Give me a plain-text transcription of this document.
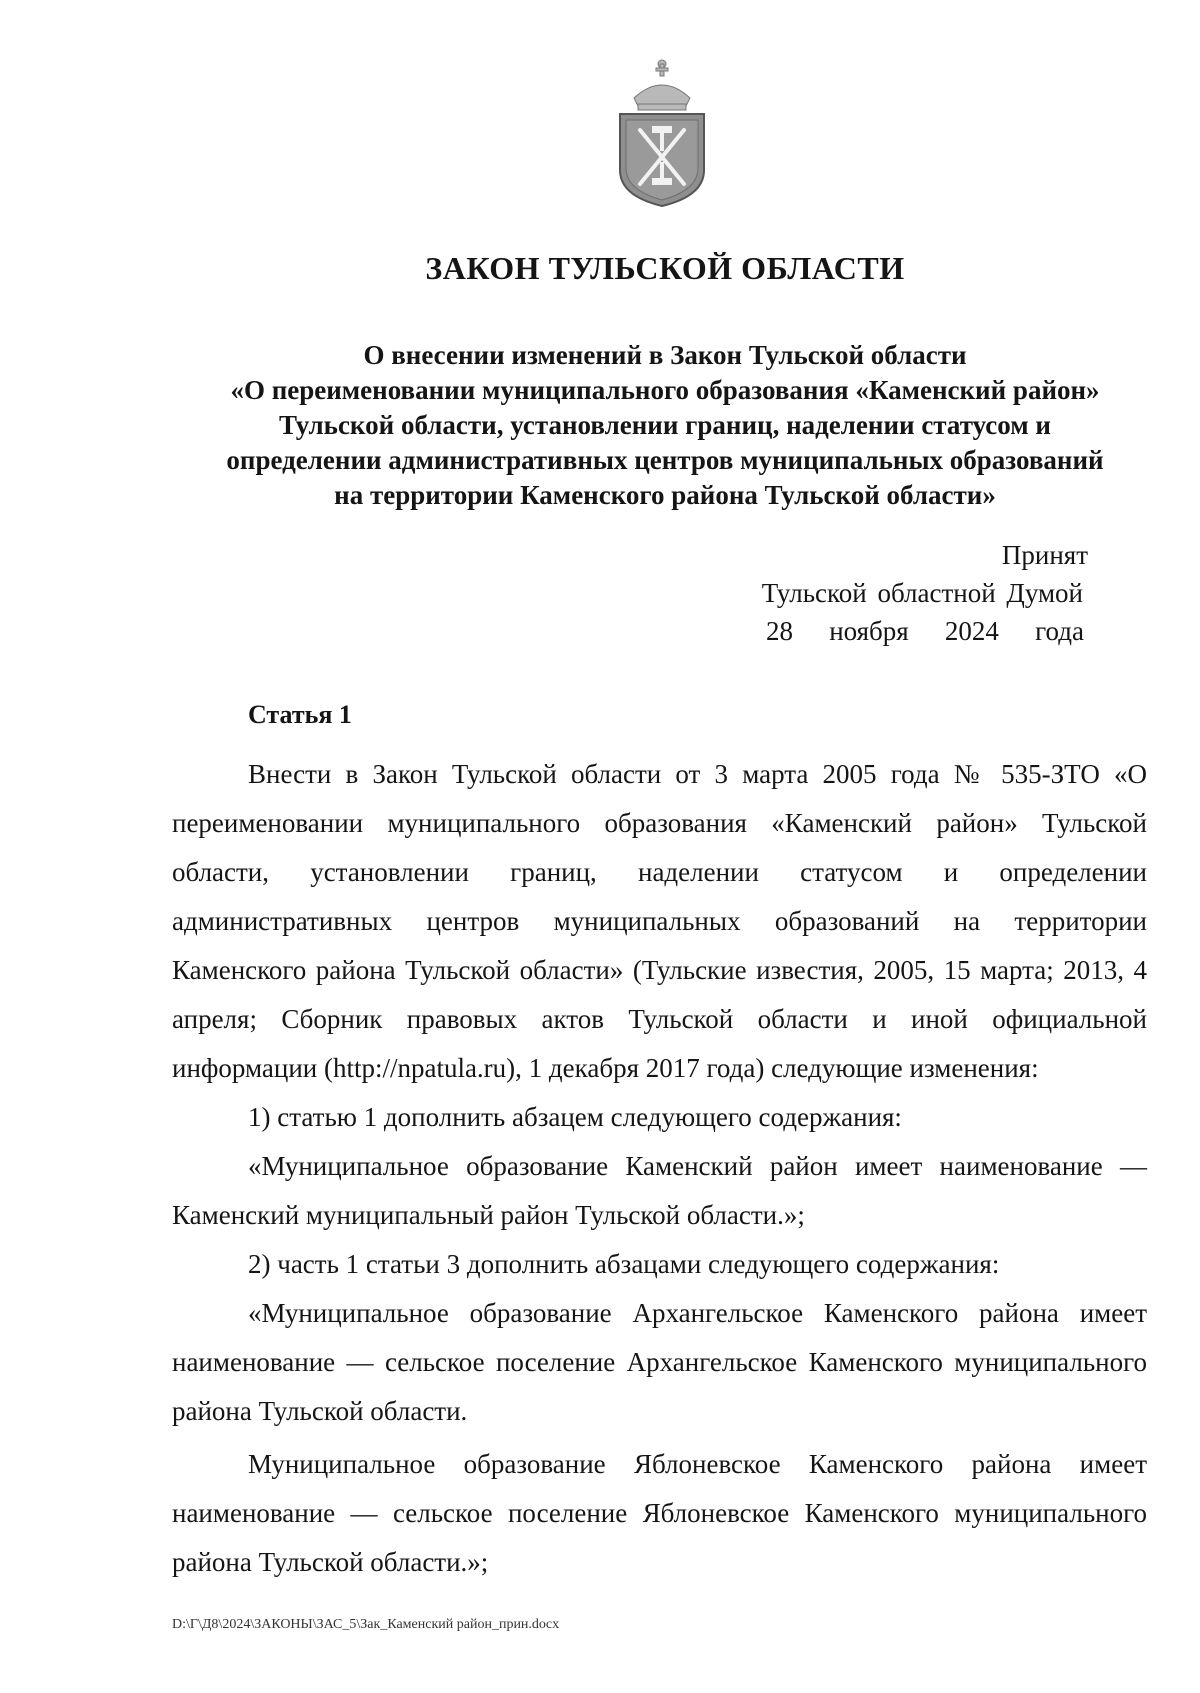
ЗАКОН ТУЛЬСКОЙ ОБЛАСТИ
О внесении изменений в Закон Тульской области
«О переименовании муниципального образования «Каменский район»
Тульской области, установлении границ, наделении статусом и
определении административных центров муниципальных образований
на территории Каменского района Тульской области»
Принят
Тульской областной Думой
28 ноября 2024 года
Статья 1

Внести в Закон Тульской области от 3 марта 2005 года № 535-ЗТО «О переименовании муниципального образования «Каменский район» Тульской области, установлении границ, наделении статусом и определении административных центров муниципальных образований на территории Каменского района Тульской области» (Тульские известия, 2005, 15 марта; 2013, 4 апреля; Сборник правовых актов Тульской области и иной официальной информации (http://npatula.ru), 1 декабря 2017 года) следующие изменения:

1) статью 1 дополнить абзацем следующего содержания:

«Муниципальное образование Каменский район имеет наименование — Каменский муниципальный район Тульской области.»;

2) часть 1 статьи 3 дополнить абзацами следующего содержания:

«Муниципальное образование Архангельское Каменского района имеет наименование — сельское поселение Архангельское Каменского муниципального района Тульской области.

Муниципальное образование Яблоневское Каменского района имеет наименование — сельское поселение Яблоневское Каменского муниципального района Тульской области.»;

D:\Г\Д8\2024\ЗАКОНЫ\ЗАС_5\Зак_Каменский район_прин.docx
